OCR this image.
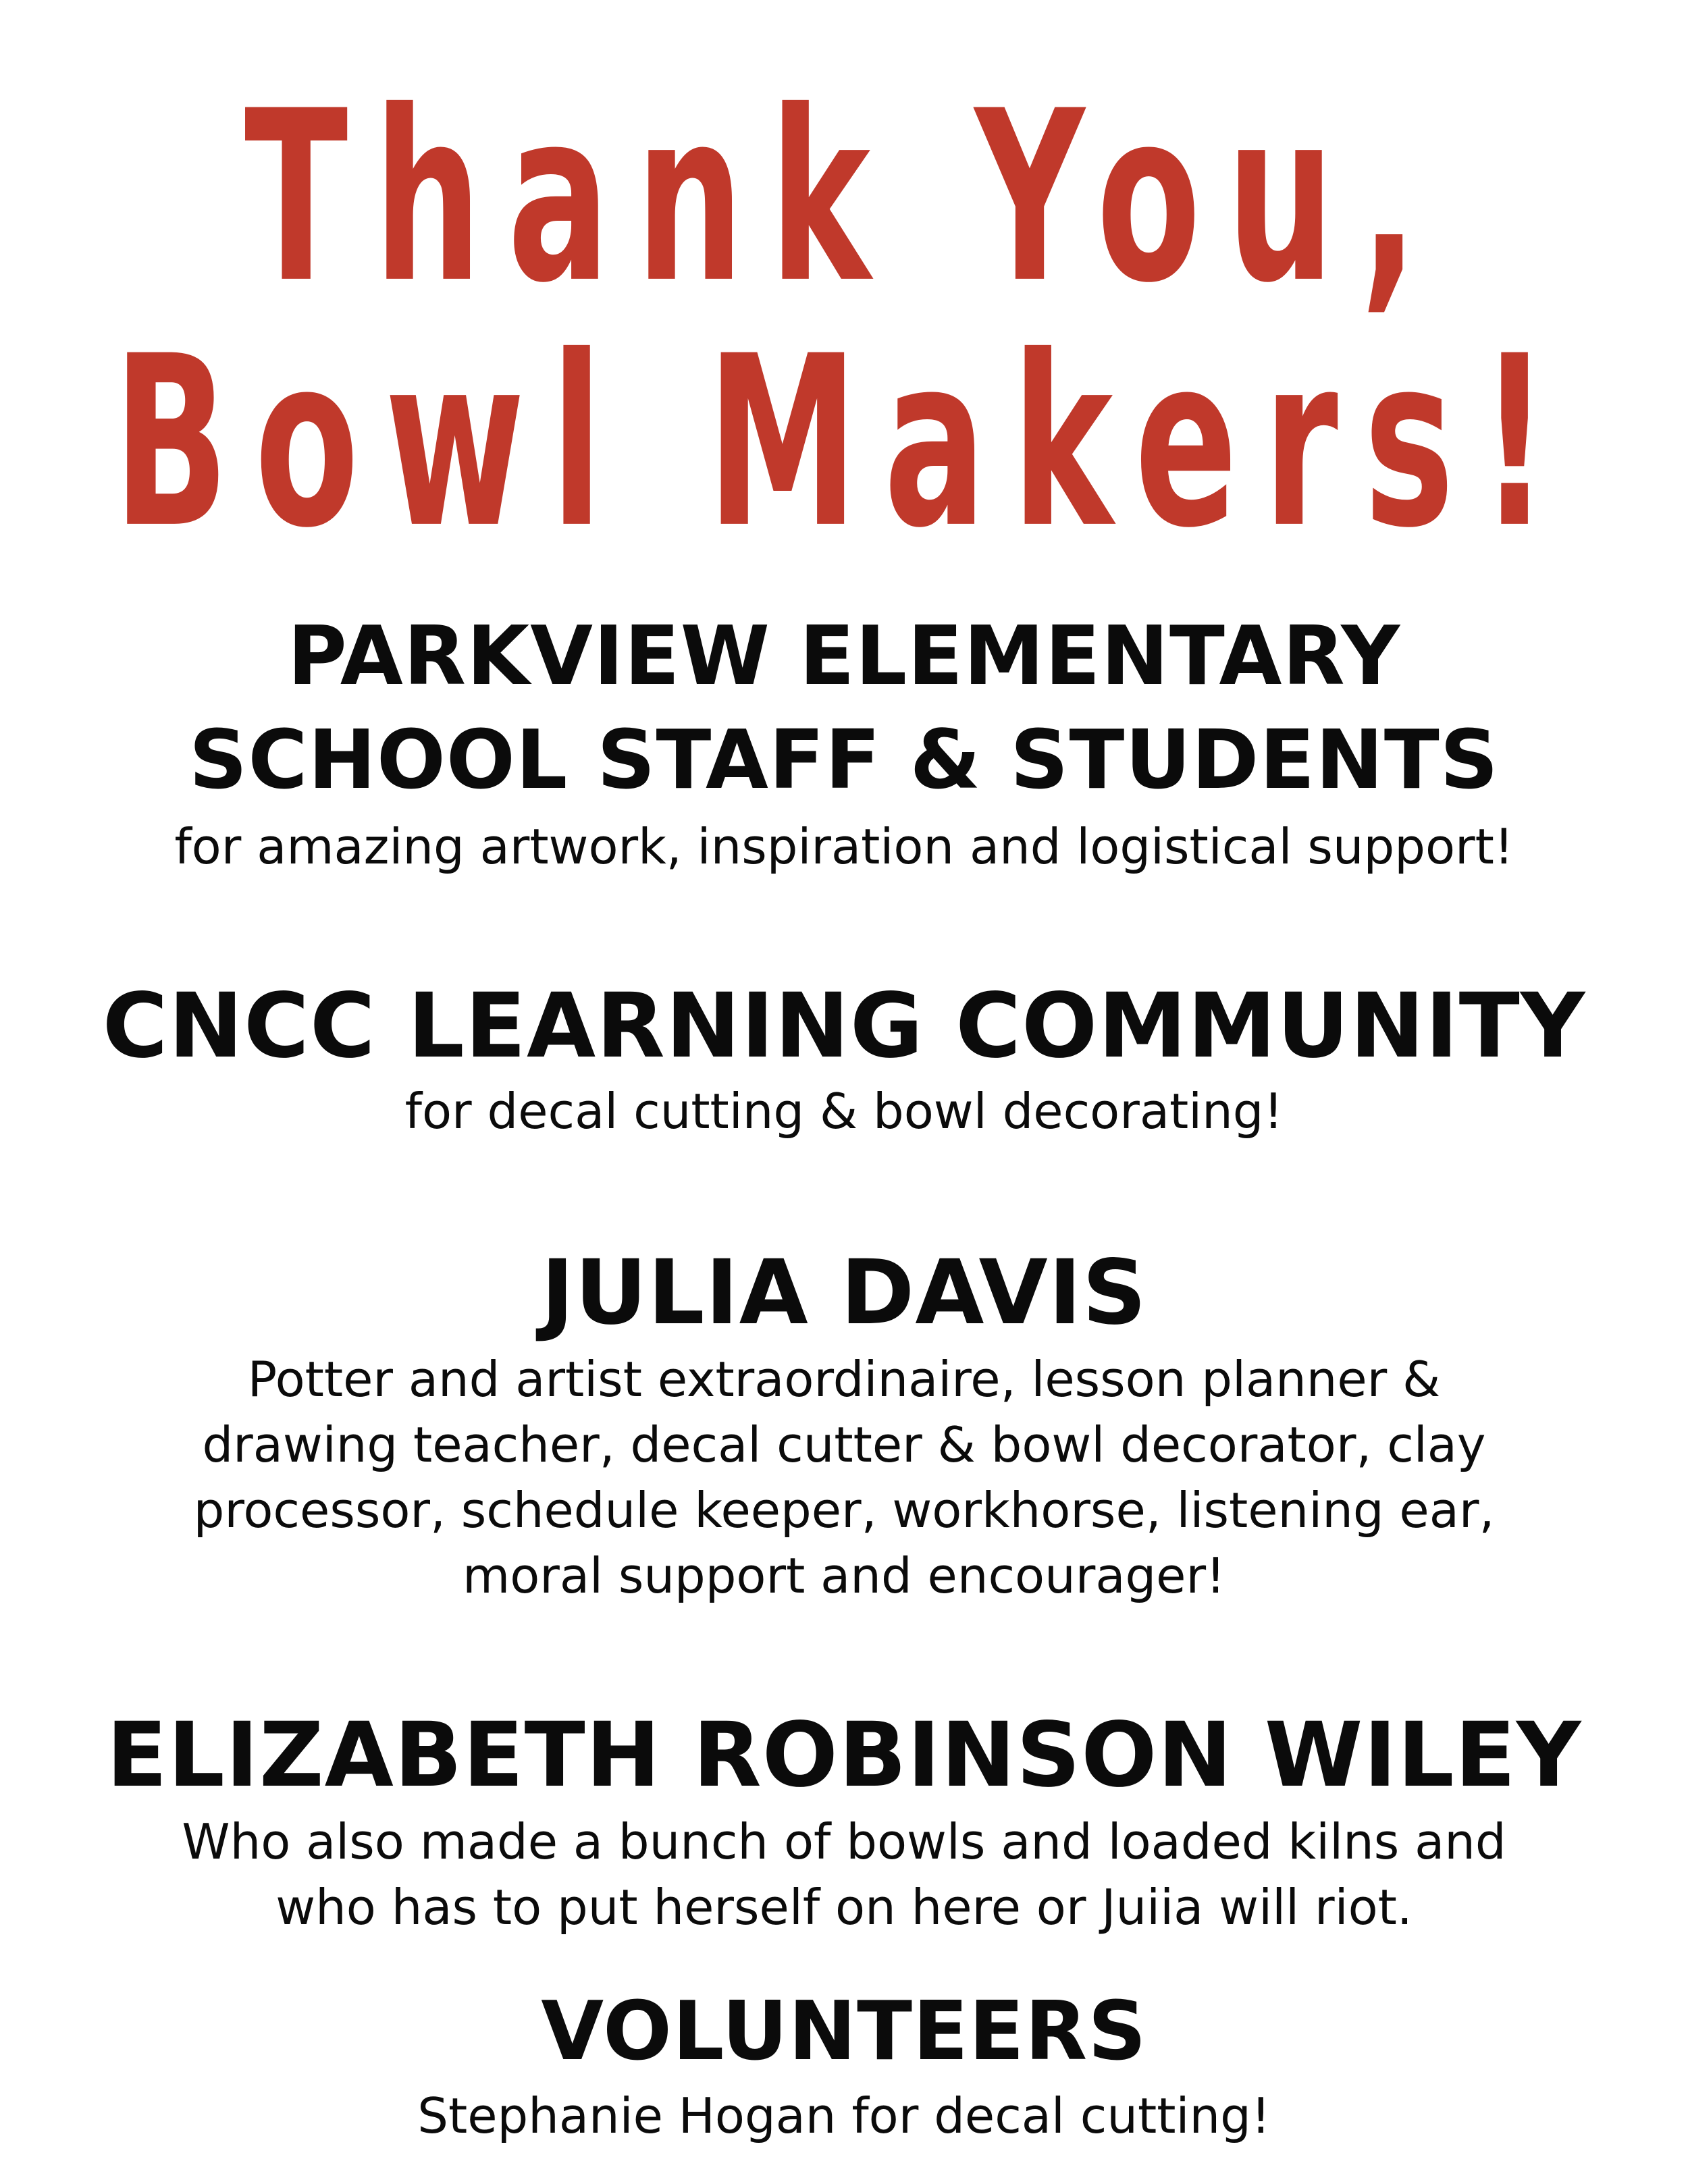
Thank You,
Bowl Makers!
PARKVIEW ELEMENTARY
SCHOOL STAFF & STUDENTS
for amazing artwork, inspiration and logistical support!
CNCC LEARNING COMMUNITY
for decal cutting & bowl decorating!
JULIA DAVIS
Potter and artist extraordinaire, lesson planner &
drawing teacher, decal cutter & bowl decorator, clay
processor, schedule keeper, workhorse, listening ear,
moral support and encourager!
ELIZABETH ROBINSON WILEY
Who also made a bunch of bowls and loaded kilns and
who has to put herself on here or Juiia will riot.
VOLUNTEERS
Stephanie Hogan for decal cutting!
